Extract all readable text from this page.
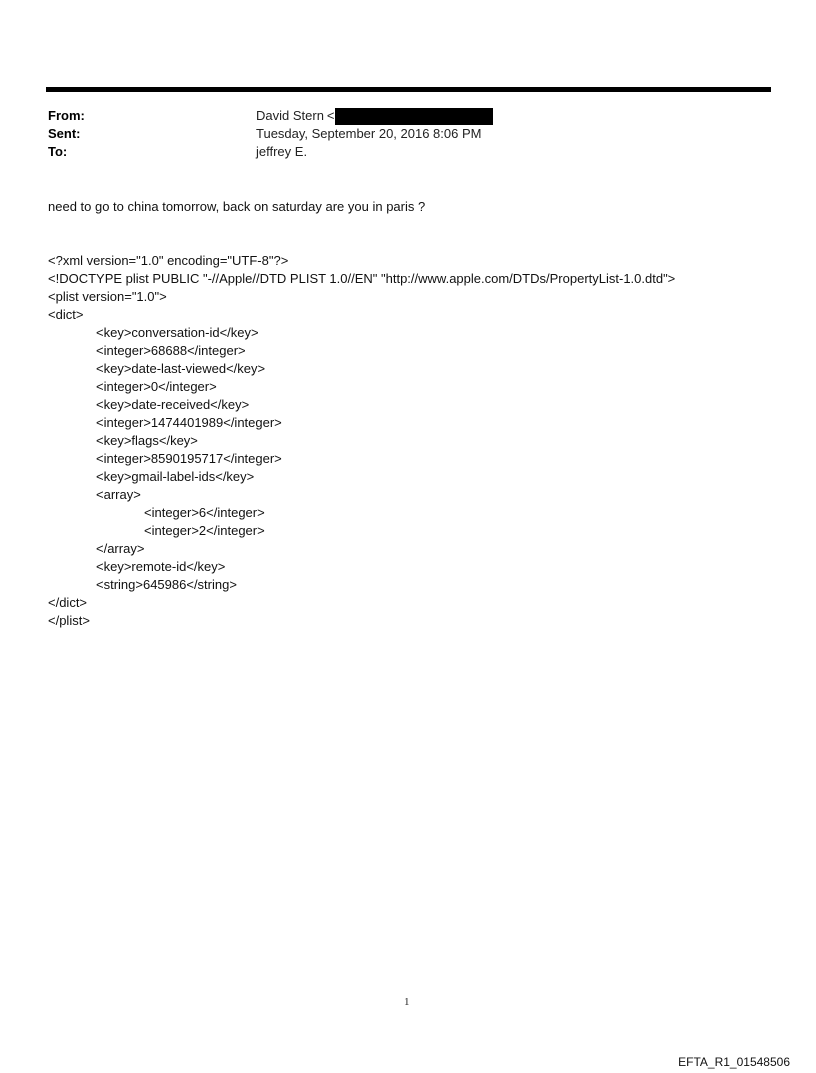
From:	David Stern <
Sent:	Tuesday, September 20, 2016 8:06 PM
To:	jeffrey E.
need to go to china tomorrow, back on saturday are you in paris ?
<?xml version="1.0" encoding="UTF-8"?>
<!DOCTYPE plist PUBLIC "-//Apple//DTD PLIST 1.0//EN" "http://www.apple.com/DTDs/PropertyList-1.0.dtd">
<plist version="1.0">
<dict>
<key>conversation-id</key>
<integer>68688</integer>
<key>date-last-viewed</key>
<integer>0</integer>
<key>date-received</key>
<integer>1474401989</integer>
<key>flags</key>
<integer>8590195717</integer>
<key>gmail-label-ids</key>
<array>
<integer>6</integer>
<integer>2</integer>
</array>
<key>remote-id</key>
<string>645986</string>
</dict>
</plist>
1
EFTA_R1_01548506
